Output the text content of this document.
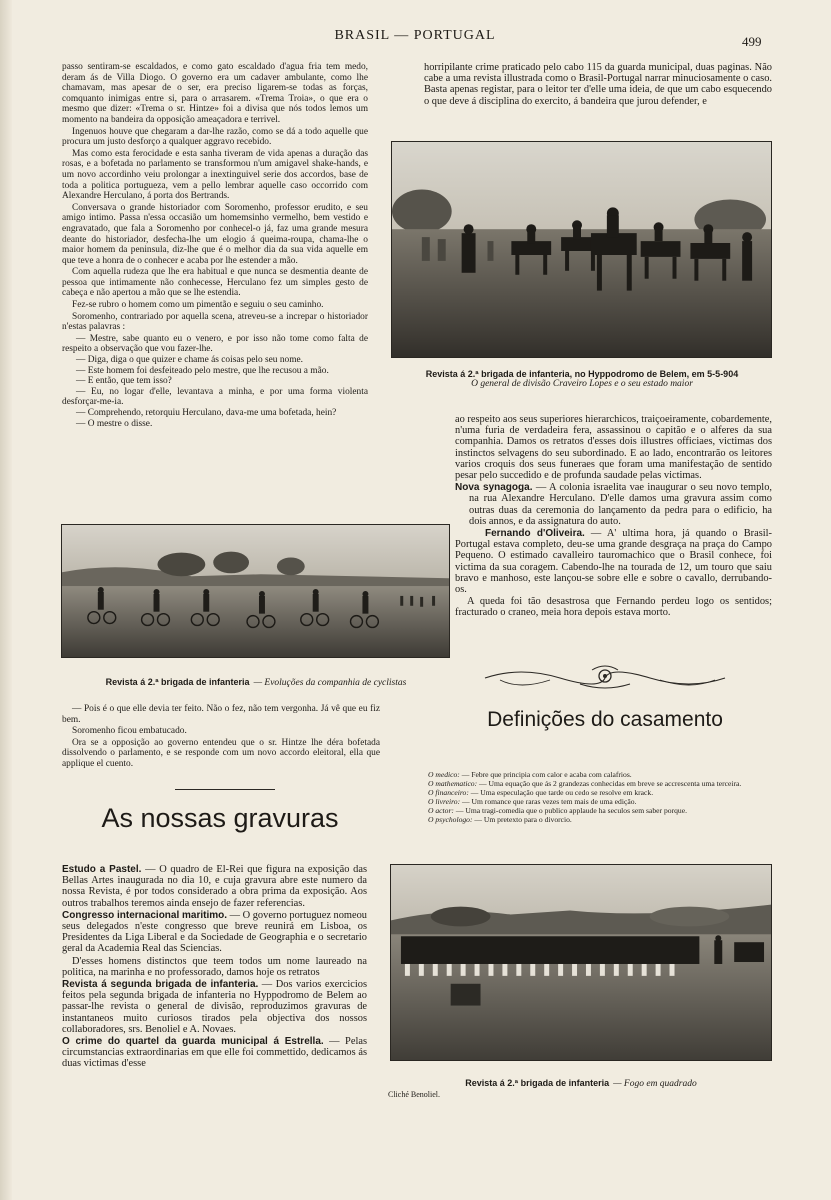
BRASIL — PORTUGAL	499

passo sentiram-se escaldados, e como gato escaldado d'agua fria tem medo, deram ás de Villa Diogo. O governo era um cadaver ambulante, como lhe chamavam, mas apesar de o ser, era preciso ligarem-se todas as forças, comquanto inimigas entre si, para o arrasarem. «Trema Troia», o que era o mesmo que dizer: «Trema o sr. Hintze» foi a divisa que nós todos lemos um momento na bandeira da opposição ameaçadora e terrivel.

Ingenuos houve que chegaram a dar-lhe razão, como se dá a todo aquelle que procura um justo desforço a qualquer aggravo recebido.

Mas como esta ferocidade e esta sanha tiveram de vida apenas a duração das rosas, e a bofetada no parlamento se transformou n'um amigavel shake-hands, e um novo accordinho veiu prolongar a inextinguivel serie dos accordos, base de toda a politica portugueza, vem a pello lembrar aquelle caso occorrido com Alexandre Herculano, á porta dos Bertrands.

Conversava o grande historiador com Soromenho, professor erudito, e seu amigo intimo. Passa n'essa occasião um homemsinho vermelho, bem vestido e engravatado, que fala a Soromenho por conhecel-o já, faz uma grande mesura deante do historiador, desfecha-lhe um elogio á queima-roupa, chama-lhe o maior homem da peninsula, diz-lhe que é o melhor dia da sua vida aquelle em que teve a honra de o conhecer e acaba por lhe estender a mão.

Com aquella rudeza que lhe era habitual e que nunca se desmentia deante de pessoa que intimamente não conhecesse, Herculano fez um simples gesto de cabeça e não apertou a mão que se lhe estendia.

Fez-se rubro o homem como um pimentão e seguiu o seu caminho.

Soromenho, contrariado por aquella scena, atreveu-se a increpar o historiador n'estas palavras :

— Mestre, sabe quanto eu o venero, e por isso não tome como falta de respeito a observação que vou fazer-lhe.

— Diga, diga o que quizer e chame ás coisas pelo seu nome.

— Este homem foi desfeiteado pelo mestre, que lhe recusou a mão.

— E então, que tem isso?

— Eu, no logar d'elle, levantava a minha, e por uma forma violenta desforçar-me-ia.

— Comprehendo, retorquiu Herculano, dava-me uma bofetada, hein?

— O mestre o disse.

Revista á 2.ª brigada de infanteria — Evoluções da companhia de cyclistas

— Pois é o que elle devia ter feito. Não o fez, não tem vergonha. Já vê que eu fiz bem.

Soromenho ficou embatucado.

Ora se a opposição ao governo entendeu que o sr. Hintze lhe déra bofetada dissolvendo o parlamento, e se responde com um novo accordo eleitoral, ella que applique el cuento.

As nossas gravuras

Estudo a Pastel. — O quadro de El-Rei que figura na exposição das Bellas Artes inaugurada no dia 10, e cuja gravura abre este numero da nossa Revista, é por todos considerado a obra prima da exposição. Aos outros trabalhos teremos ainda ensejo de fazer referencias.

Congresso internacional maritimo. — O governo portuguez nomeou seus delegados n'este congresso que breve reunirá em Lisboa, os Presidentes da Liga Liberal e da Sociedade de Geographia e o secretario geral da Academia Real das Sciencias.

D'esses homens distinctos que teem todos um nome laureado na politica, na marinha e no professorado, damos hoje os retratos

Revista á segunda brigada de infanteria. — Dos varios exercicios feitos pela segunda brigada de infanteria no Hyppodromo de Belem ao passar-lhe revista o general de divisão, reproduzimos gravuras de instantaneos muito curiosos tirados pela objectiva dos nossos collaboradores, srs. Benoliel e A. Novaes.

O crime do quartel da guarda municipal á Estrella. — Pelas circumstancias extraordinarias em que elle foi commettido, dedicamos ás duas victimas d'esse

horripilante crime praticado pelo cabo 115 da guarda municipal, duas paginas. Não cabe a uma revista illustrada como o Brasil-Portugal narrar minuciosamente o caso. Basta apenas registar, para o leitor ter d'elle uma ideia, de que um cabo esquecendo o que deve á disciplina do exercito, á bandeira que jurou defender, e

Revista á 2.ª brigada de infanteria, no Hyppodromo de Belem, em 5-5-904
O general de divisão Craveiro Lopes e o seu estado maior

ao respeito aos seus superiores hierarchicos, traiçoeiramente, cobardemente, n'uma furia de verdadeira fera, assassinou o capitão e o alferes da sua companhia. Damos os retratos d'esses dois illustres officiaes, victimas dos instinctos selvagens do seu subordinado. E ao lado, encontrarão os leitores varios croquis dos seus funeraes que foram uma manifestação de sentido pesar pelo succedido e de profunda saudade pelas victimas.

Nova synagoga. — A colonia israelita vae inaugurar o seu novo templo, na rua Alexandre Herculano. D'elle damos uma gravura assim como outras duas da ceremonia do lançamento da pedra para o edificio, ha dois annos, e da assignatura do auto.

Fernando d'Oliveira. — A' ultima hora, já quando o Brasil-Portugal estava completo, deu-se uma grande desgraça na praça do Campo Pequeno. O estimado cavalleiro tauromachico que o Brasil conhece, foi victima da sua coragem. Cabendo-lhe na tourada de 12, um touro que saiu bravo e manhoso, este lançou-se sobre elle e sobre o cavallo, derrubando-os.

A queda foi tão desastrosa que Fernando perdeu logo os sentidos; fracturado o craneo, meia hora depois estava morto.

Definições do casamento
O medico: — Febre que principia com calor e acaba com calafrios.
O mathematico: — Uma equação que ás 2 grandezas conhecidas em breve se accrescenta uma terceira.
O financeiro: — Uma especulação que tarde ou cedo se resolve em krack.
O livreiro: — Um romance que raras vezes tem mais de uma edição.
O actor: — Uma tragi-comedia que o publico applaude ha seculos sem saber porque.
O psychologo: — Um pretexto para o divorcio.
Revista á 2.ª brigada de infanteria — Fogo em quadrado
Cliché Benoliel.
